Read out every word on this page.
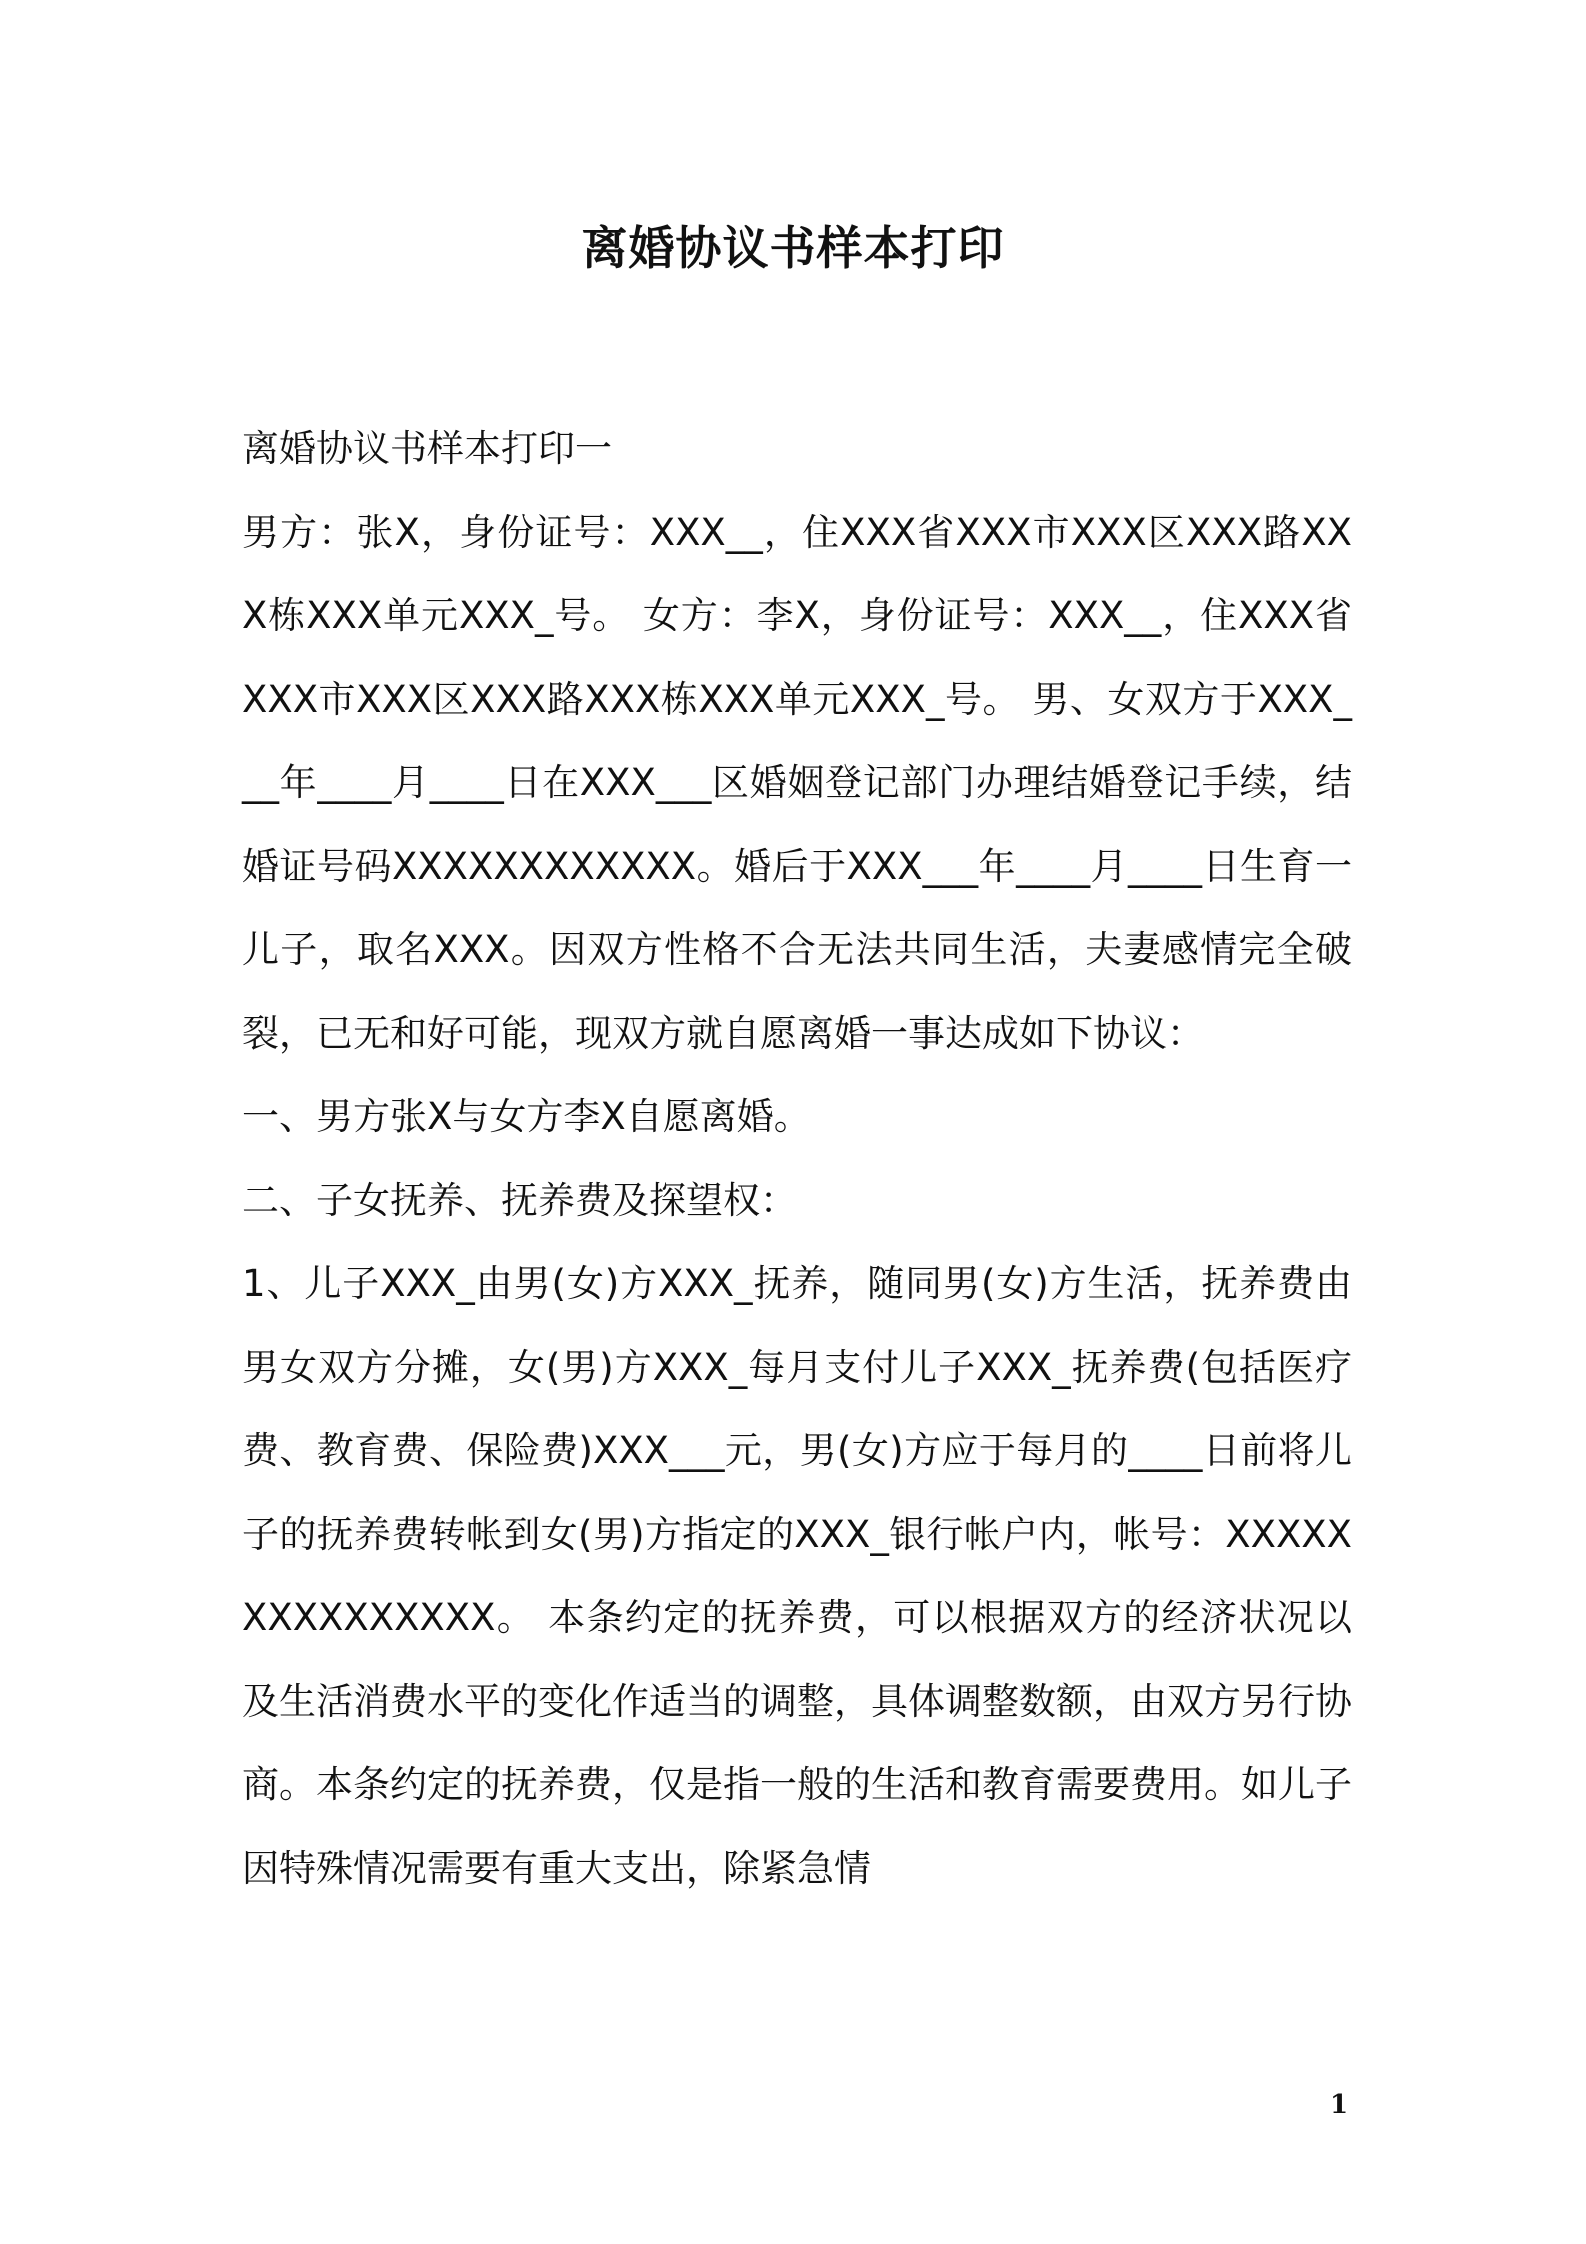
离婚协议书样本打印

离婚协议书样本打印一

男方：张X，身份证号：XXX__，住XXX省XXX市XXX区XXX路XXX栋XXX单元XXX_号。 女方：李X，身份证号：XXX__，住XXX省XXX市XXX区XXX路XXX栋XXX单元XXX_号。 男、女双方于XXX___年____月____日在XXX___区婚姻登记部门办理结婚登记手续，结婚证号码XXXXXXXXXXXX。婚后于XXX___年____月____日生育一儿子，取名XXX。因双方性格不合无法共同生活，夫妻感情完全破裂，已无和好可能，现双方就自愿离婚一事达成如下协议：

一、男方张X与女方李X自愿离婚。

二、子女抚养、抚养费及探望权：

1、儿子XXX_由男(女)方XXX_抚养，随同男(女)方生活，抚养费由男女双方分摊，女(男)方XXX_每月支付儿子XXX_抚养费(包括医疗费、教育费、保险费)XXX___元，男(女)方应于每月的____日前将儿子的抚养费转帐到女(男)方指定的XXX_银行帐户内，帐号：XXXXXXXXXXXXXXX。 本条约定的抚养费，可以根据双方的经济状况以及生活消费水平的变化作适当的调整，具体调整数额，由双方另行协商。本条约定的抚养费，仅是指一般的生活和教育需要费用。如儿子因特殊情况需要有重大支出，除紧急情

1
